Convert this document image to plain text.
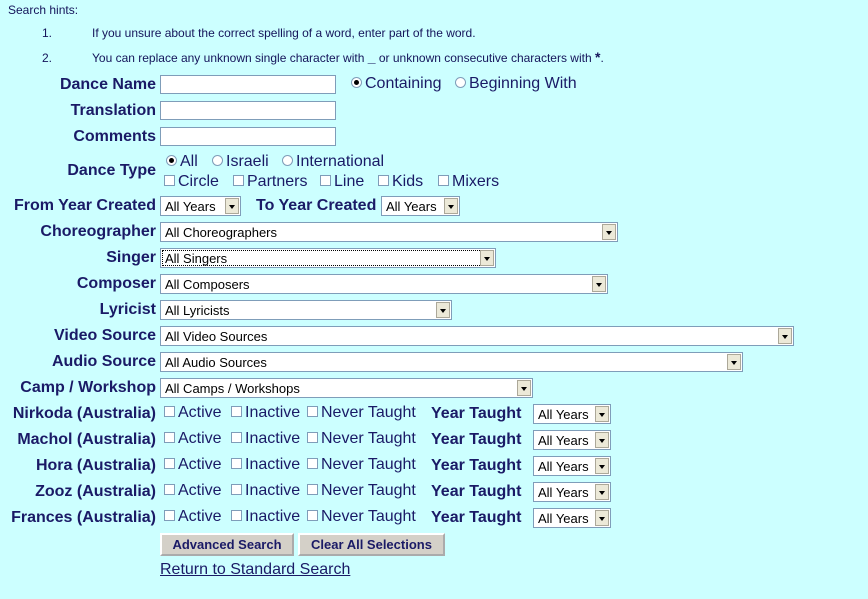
Search hints:
1.	If you unsure about the correct spelling of a word, enter part of the word.
2.	You can replace any unknown single character with _ or unknown consecutive characters with *.
Dance Name	Containing	Beginning With
Translation
Comments
Dance Type
All	Israeli	International
Circle	Partners	Line	Kids	Mixers
From Year Created All Years	To Year Created All Years
Choreographer All Choreographers
Singer All Singers
Composer All Composers
Lyricist All Lyricists
Video Source All Video Sources
Audio Source All Audio Sources
Camp / Workshop All Camps / Workshops
Nirkoda (Australia)	Active	Inactive	Never Taught Year Taught	All Years
Machol (Australia)	Active	Inactive	Never Taught Year Taught	All Years
Hora (Australia)	Active	Inactive	Never Taught Year Taught	All Years
Zooz (Australia)	Active	Inactive	Never Taught Year Taught	All Years
Frances (Australia)	Active	Inactive	Never Taught Year Taught	All Years
Advanced Search	Clear All Selections
Return to Standard Search
